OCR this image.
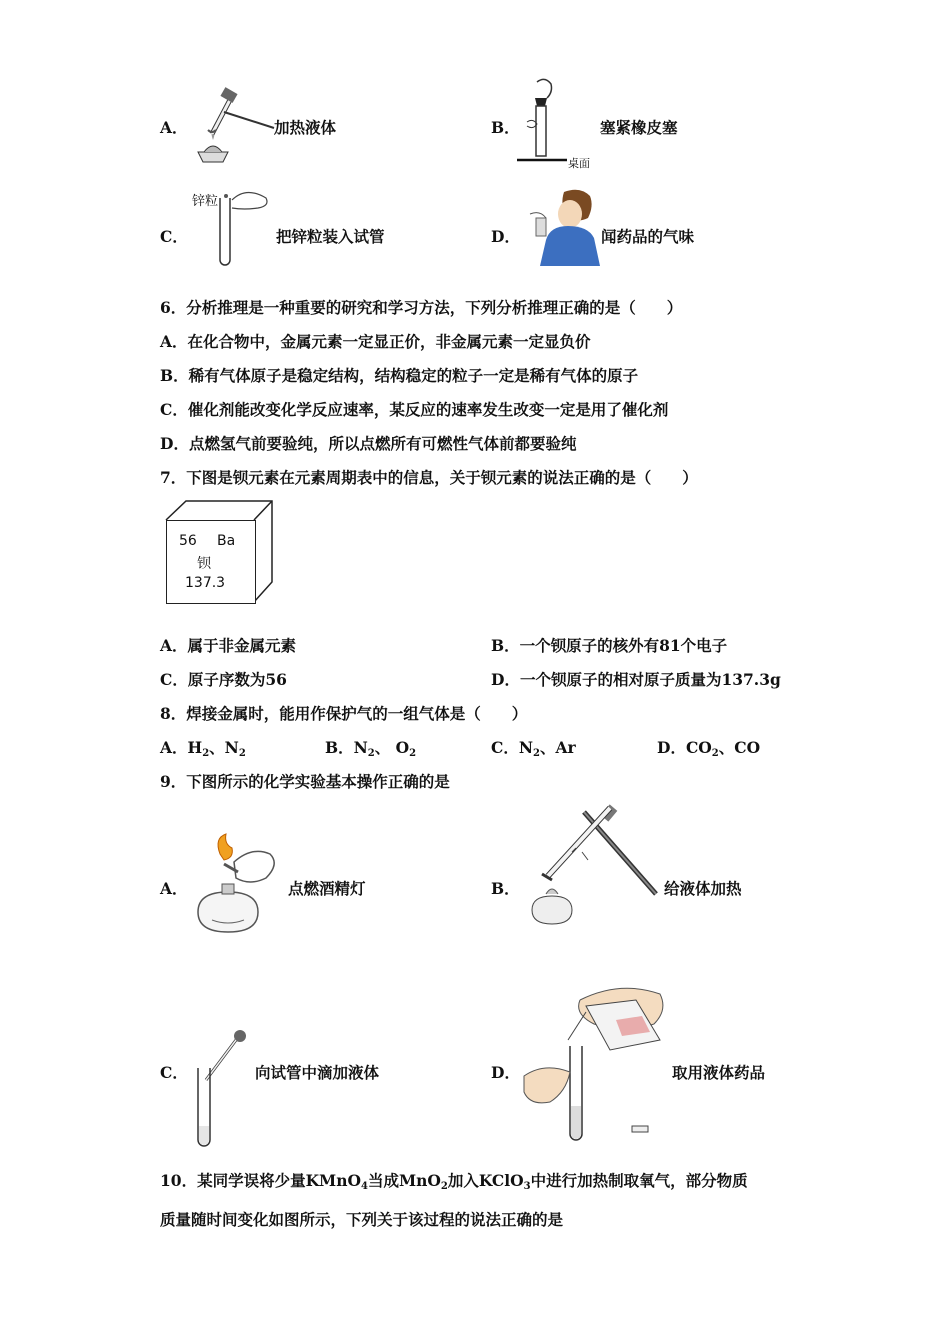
A．	加热液体	B．
桌面
塞紧橡皮塞
C．
锌粒
把锌粒装入试管	D．	闻药品的气味
6．分析推理是一种重要的研究和学习方法，下列分析推理正确的是（　　）
A．在化合物中，金属元素一定显正价，非金属元素一定显负价
B．稀有气体原子是稳定结构，结构稳定的粒子一定是稀有气体的原子
C．催化剂能改变化学反应速率，某反应的速率发生改变一定是用了催化剂
D．点燃氢气前要验纯，所以点燃所有可燃性气体前都要验纯
7．下图是钡元素在元素周期表中的信息，关于钡元素的说法正确的是（　　）
56 Ba
钡
137.3
A．属于非金属元素	B．一个钡原子的核外有81个电子
C．原子序数为56	D．一个钡原子的相对原子质量为137.3g
8．焊接金属时，能用作保护气的一组气体是（　　）
A．$H_2$、$N_2$	B．$N_2$、 $O_2$	C．$N_2$、Ar	D．$CO_2$、CO
9．下图所示的化学实验基本操作正确的是
A．	点燃酒精灯	B．	给液体加热
C．	向试管中滴加液体	D．	取用液体药品
10．某同学误将少量KMnO$_4$当成MnO$_2$加入KClO$_3$中进行加热制取氧气，部分物质
质量随时间变化如图所示，下列关于该过程的说法正确的是
